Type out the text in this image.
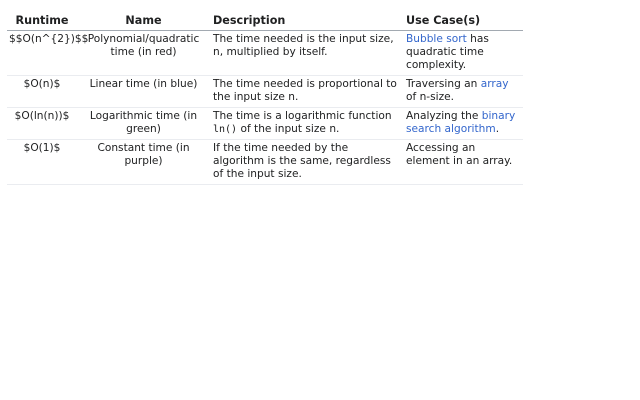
Runtime	Name	Description	Use Case(s)
$$O(n^{2})$$	Polynomial/quadratic time (in red)	The time needed is the input size, n, multiplied by itself.	Bubble sort has quadratic time complexity.
$O(n)$	Linear time (in blue)	The time needed is proportional to the input size n.	Traversing an array of n-size.
$O(ln(n))$	Logarithmic time (in green)	The time is a logarithmic function ln() of the input size n.	Analyzing the binary search algorithm.
$O(1)$	Constant time (in purple)	If the time needed by the algorithm is the same, regardless of the input size.	Accessing an element in an array.
